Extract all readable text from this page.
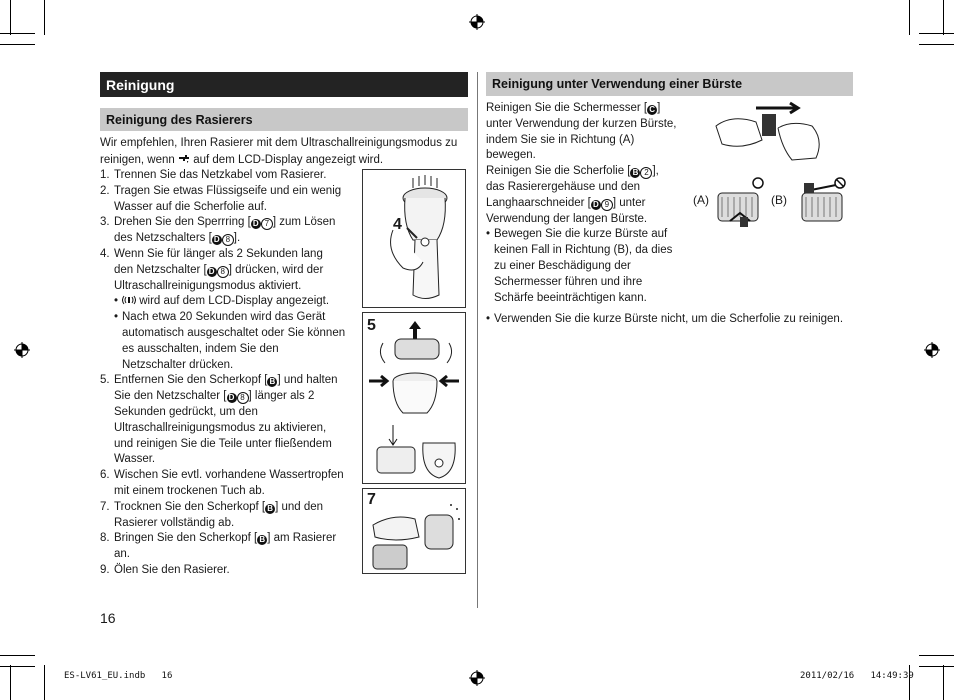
Reinigung
Reinigung des Rasierers
Wir empfehlen, Ihren Rasierer mit dem Ultraschallreinigungsmodus zu reinigen, wenn auf dem LCD-Display angezeigt wird.
1. Trennen Sie das Netzkabel vom Rasierer.
2. Tragen Sie etwas Flüssigseife und ein wenig
Wasser auf die Scherfolie auf.
3. Drehen Sie den Sperrring [ D 7 ] zum Lösen
des Netzschalters [ D 8 ].
4. Wenn Sie für länger als 2 Sekunden lang
den Netzschalter [ D 8 ] drücken, wird der
Ultraschallreinigungsmodus aktiviert.
• wird auf dem LCD-Display angezeigt.
• Nach etwa 20 Sekunden wird das Gerät
automatisch ausgeschaltet oder Sie können
es ausschalten, indem Sie den
Netzschalter drücken.
5. Entfernen Sie den Scherkopf [ B ] und halten
Sie den Netzschalter [ D 8 ] länger als 2
Sekunden gedrückt, um den
Ultraschallreinigungsmodus zu aktivieren,
und reinigen Sie die Teile unter fließendem
Wasser.
6. Wischen Sie evtl. vorhandene Wassertropfen
mit einem trockenen Tuch ab.
7. Trocknen Sie den Scherkopf [ B ] und den
Rasierer vollständig ab.
8. Bringen Sie den Scherkopf [ B ] am Rasierer
an.
9. Ölen Sie den Rasierer.
4
5
7
Reinigung unter Verwendung einer Bürste
Reinigen Sie die Schermesser [ C ]
unter Verwendung der kurzen Bürste,
indem Sie sie in Richtung (A)
bewegen.
Reinigen Sie die Scherfolie [ B 2 ],
das Rasierergehäuse und den
Langhaarschneider [ D 9 ] unter
Verwendung der langen Bürste.
• Bewegen Sie die kurze Bürste auf
keinen Fall in Richtung (B), da dies
zu einer Beschädigung der
Schermesser führen und ihre
Schärfe beeinträchtigen kann.
• Verwenden Sie die kurze Bürste nicht, um die Scherfolie zu reinigen.
(A)	(B)
16
ES-LV61_EU.indb   16	2011/02/16   14:49:39
